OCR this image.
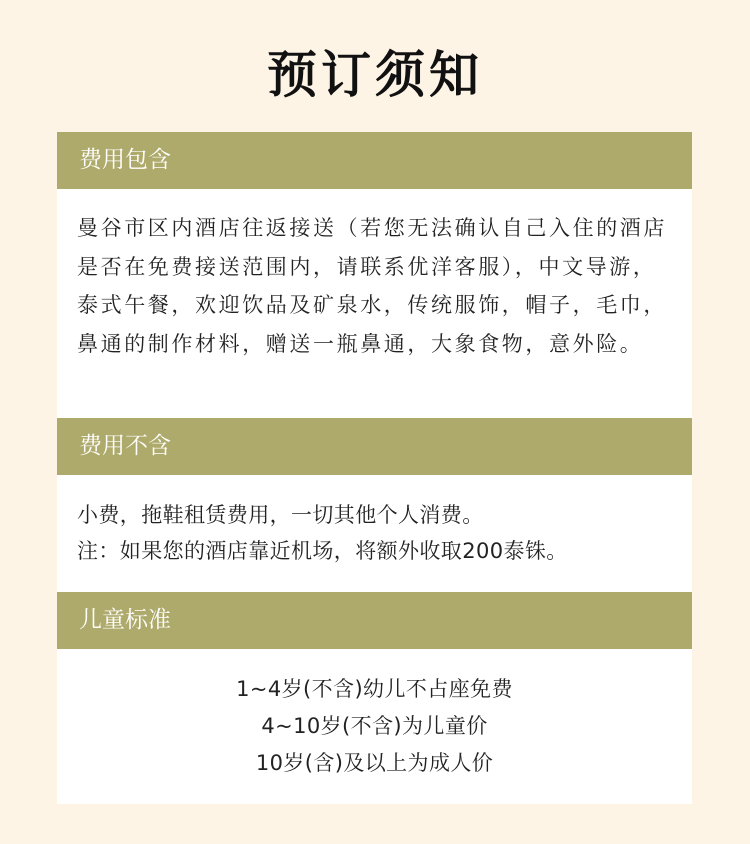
预订须知
费用包含
曼谷市区内酒店往返接送（若您无法确认自己入住的酒店是否在免费接送范围内，请联系优洋客服），中文导游，泰式午餐，欢迎饮品及矿泉水，传统服饰，帽子，毛巾，鼻通的制作材料，赠送一瓶鼻通，大象食物，意外险。
费用不含
小费，拖鞋租赁费用，一切其他个人消费。
注：如果您的酒店靠近机场，将额外收取200泰铢。
儿童标准
1~4岁(不含)幼儿不占座免费
4~10岁(不含)为儿童价
10岁(含)及以上为成人价
